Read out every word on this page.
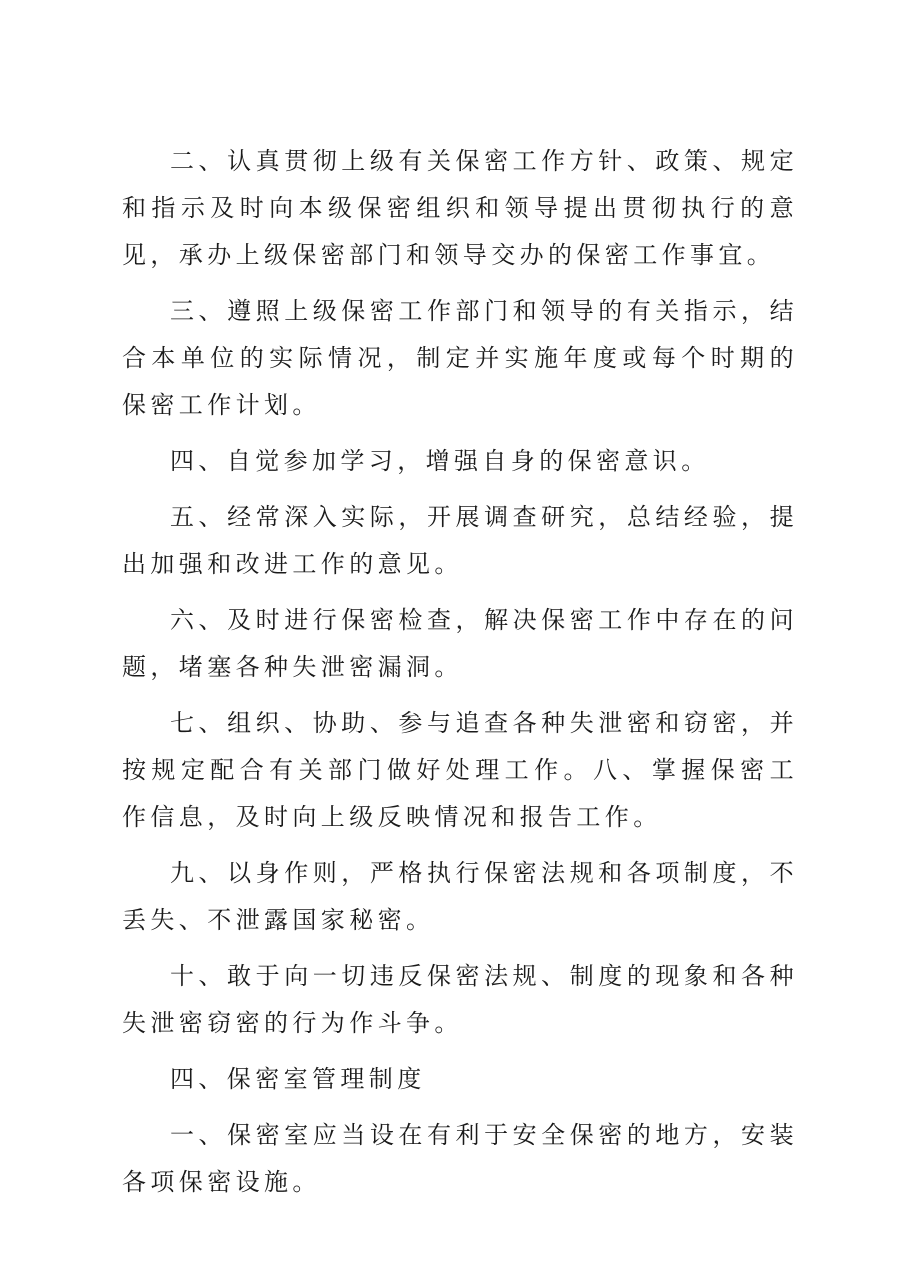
二、认真贯彻上级有关保密工作方针、政策、规定和指示及时向本级保密组织和领导提出贯彻执行的意见，承办上级保密部门和领导交办的保密工作事宜。

三、遵照上级保密工作部门和领导的有关指示，结合本单位的实际情况，制定并实施年度或每个时期的保密工作计划。

四、自觉参加学习，增强自身的保密意识。

五、经常深入实际，开展调查研究，总结经验，提出加强和改进工作的意见。

六、及时进行保密检查，解决保密工作中存在的问题，堵塞各种失泄密漏洞。

七、组织、协助、参与追查各种失泄密和窃密，并按规定配合有关部门做好处理工作。八、掌握保密工作信息，及时向上级反映情况和报告工作。

九、以身作则，严格执行保密法规和各项制度，不丢失、不泄露国家秘密。

十、敢于向一切违反保密法规、制度的现象和各种失泄密窃密的行为作斗争。

四、保密室管理制度

一、保密室应当设在有利于安全保密的地方，安装各项保密设施。
